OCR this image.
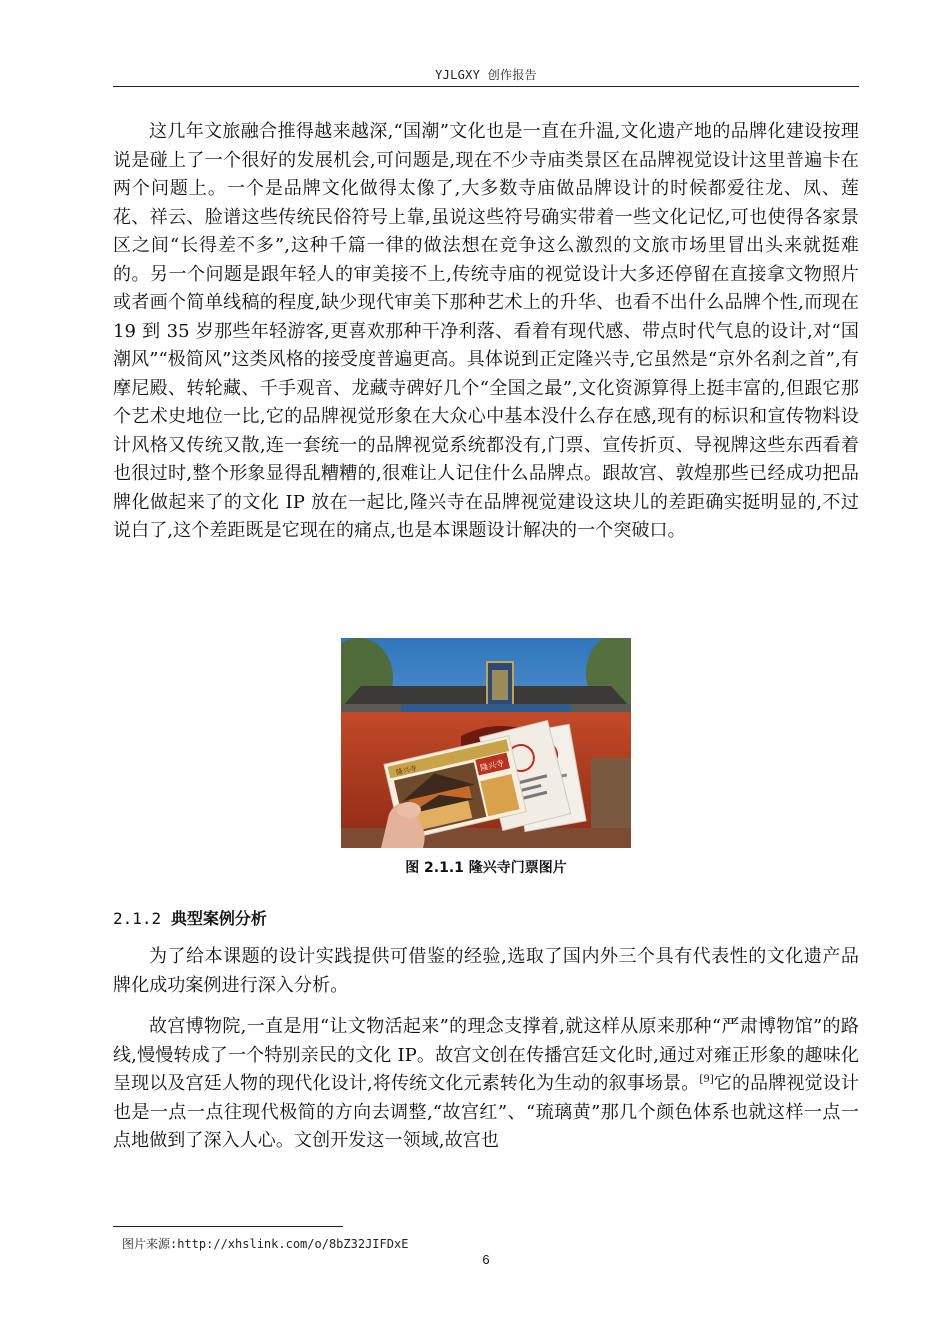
YJLGXY 创作报告

这几年文旅融合推得越来越深,“国潮”文化也是一直在升温,文化遗产地的品牌化建设按理说是碰上了一个很好的发展机会,可问题是,现在不少寺庙类景区在品牌视觉设计这里普遍卡在两个问题上。一个是品牌文化做得太像了,大多数寺庙做品牌设计的时候都爱往龙、凤、莲花、祥云、脸谱这些传统民俗符号上靠,虽说这些符号确实带着一些文化记忆,可也使得各家景区之间“长得差不多”,这种千篇一律的做法想在竞争这么激烈的文旅市场里冒出头来就挺难的。另一个问题是跟年轻人的审美接不上,传统寺庙的视觉设计大多还停留在直接拿文物照片或者画个简单线稿的程度,缺少现代审美下那种艺术上的升华、也看不出什么品牌个性,而现在 19 到 35 岁那些年轻游客,更喜欢那种干净利落、看着有现代感、带点时代气息的设计,对“国潮风”“极简风”这类风格的接受度普遍更高。具体说到正定隆兴寺,它虽然是“京外名刹之首”,有摩尼殿、转轮藏、千手观音、龙藏寺碑好几个“全国之最”,文化资源算得上挺丰富的,但跟它那个艺术史地位一比,它的品牌视觉形象在大众心中基本没什么存在感,现有的标识和宣传物料设计风格又传统又散,连一套统一的品牌视觉系统都没有,门票、宣传折页、导视牌这些东西看着也很过时,整个形象显得乱糟糟的,很难让人记住什么品牌点。跟故宫、敦煌那些已经成功把品牌化做起来了的文化 IP 放在一起比,隆兴寺在品牌视觉建设这块儿的差距确实挺明显的,不过说白了,这个差距既是它现在的痛点,也是本课题设计解决的一个突破口。

隆兴寺	隆兴寺
图 2.1.1 隆兴寺门票图片
2.1.2 典型案例分析

为了给本课题的设计实践提供可借鉴的经验,选取了国内外三个具有代表性的文化遗产品牌化成功案例进行深入分析。

故宫博物院,一直是用“让文物活起来”的理念支撑着,就这样从原来那种“严肃博物馆”的路线,慢慢转成了一个特别亲民的文化 IP。故宫文创在传播宫廷文化时,通过对雍正形象的趣味化呈现以及宫廷人物的现代化设计,将传统文化元素转化为生动的叙事场景。[9]它的品牌视觉设计也是一点一点往现代极简的方向去调整,“故宫红”、“琉璃黄”那几个颜色体系也就这样一点一点地做到了深入人心。文创开发这一领域,故宫也

图片来源:http://xhslink.com/o/8bZ32JIFDxE
6
